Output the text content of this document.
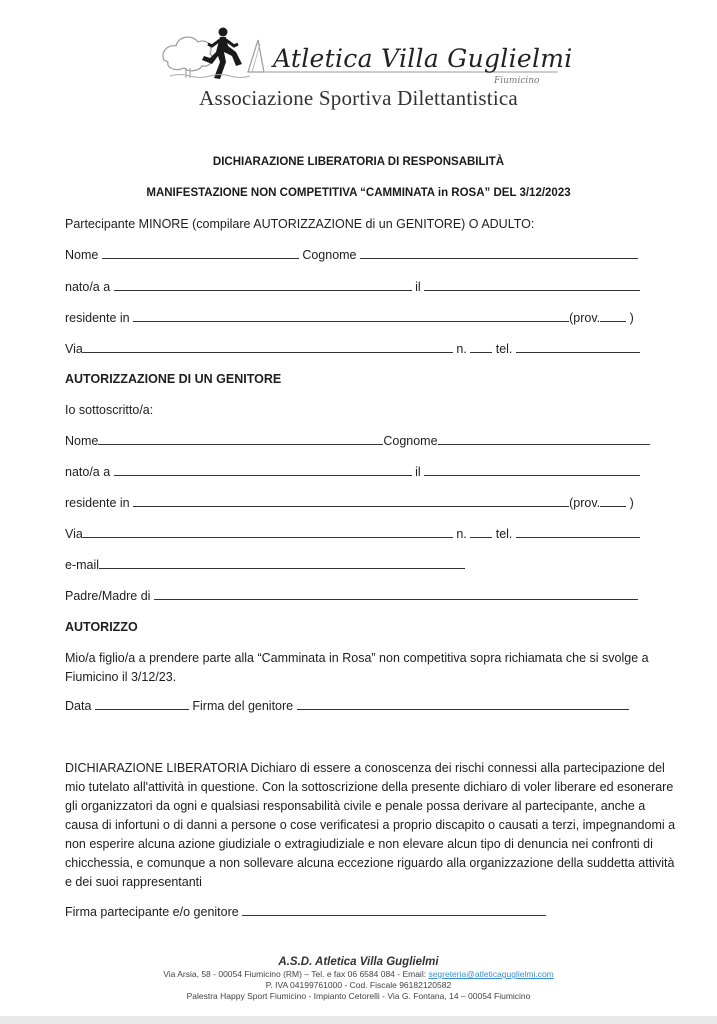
Atletica Villa Guglielmi
Fiumicino
Associazione Sportiva Dilettantistica
DICHIARAZIONE LIBERATORIA DI RESPONSABILITÀ
MANIFESTAZIONE NON COMPETITIVA “CAMMINATA in ROSA” DEL 3/12/2023
Partecipante MINORE (compilare AUTORIZZAZIONE di un GENITORE) O ADULTO:
Nome	Cognome
nato/a a	il
residente in	(prov. )
Via	n. tel.
AUTORIZZAZIONE DI UN GENITORE
Io sottoscritto/a:
Nome	Cognome
nato/a a	il
residente in	(prov. )
Via	n. tel.
e-mail
Padre/Madre di
AUTORIZZO

Mio/a figlio/a a prendere parte alla “Camminata in Rosa” non competitiva sopra richiamata che si svolge a Fiumicino il 3/12/23.

Data	Firma del genitore

DICHIARAZIONE LIBERATORIA Dichiaro di essere a conoscenza dei rischi connessi alla partecipazione del mio tutelato all'attività in questione. Con la sottoscrizione della presente dichiaro di voler liberare ed esonerare gli organizzatori da ogni e qualsiasi responsabilità civile e penale possa derivare al partecipante, anche a causa di infortuni o di danni a persone o cose verificatesi a proprio discapito o causati a terzi, impegnandomi a non esperire alcuna azione giudiziale o extragiudiziale e non elevare alcun tipo di denuncia nei confronti di chicchessia, e comunque a non sollevare alcuna eccezione riguardo alla organizzazione della suddetta attività e dei suoi rappresentanti

Firma partecipante e/o genitore
A.S.D. Atletica Villa Guglielmi
Via Arsia, 58 - 00054 Fiumicino (RM) – Tel. e fax 06 6584 084 - Email: segreteria@atleticaguglielmi.com
P. IVA 04199761000 - Cod. Fiscale 96182120582
Palestra Happy Sport Fiumicino - Impianto Cetorelli - Via G. Fontana, 14 – 00054 Fiumicino
